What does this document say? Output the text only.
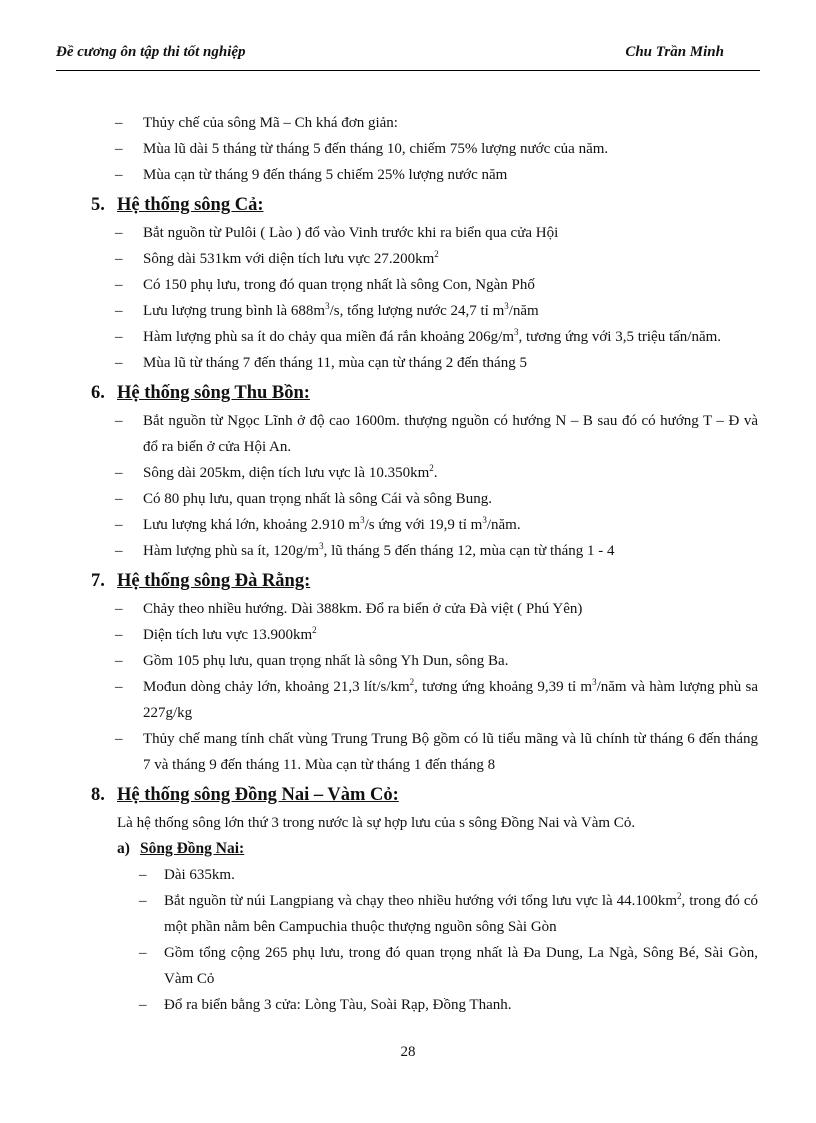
Đề cương ôn tập thi tốt nghiệp	Chu Trần Minh
– Thủy chế của sông Mã – Ch khá đơn giản:
– Mùa lũ dài 5 tháng từ tháng 5 đến tháng 10, chiếm 75% lượng nước của năm.
– Mùa cạn từ tháng 9 đến tháng 5 chiếm 25% lượng nước năm
5. Hệ thống sông Cả:
– Bắt nguồn từ Pulôi ( Lào ) đổ vào Vinh trước khi ra biển qua cửa Hội
– Sông dài 531km với diện tích lưu vực $27.200km^2$
– Có 150 phụ lưu, trong đó quan trọng nhất là sông Con, Ngàn Phố
– Lưu lượng trung bình là $688m^3/s$, tổng lượng nước 24,7 tỉ $m^3$/năm
– Hàm lượng phù sa ít do chảy qua miền đá rắn khoảng $206g/m^3$, tương ứng với 3,5 triệu tấn/năm.
– Mùa lũ từ tháng 7 đến tháng 11, mùa cạn từ tháng 2 đến tháng 5
6. Hệ thống sông Thu Bồn:
– Bắt nguồn từ Ngọc Lĩnh ở độ cao 1600m. thượng nguồn có hướng N – B sau đó có hướng T – Đ và đổ ra biển ở cửa Hội An.
– Sông dài 205km, diện tích lưu vực là $10.350km^2$.
– Có 80 phụ lưu, quan trọng nhất là sông Cái và sông Bung.
– Lưu lượng khá lớn, khoảng 2.910 $m^3/s$ ứng với 19,9 tỉ $m^3$/năm.
– Hàm lượng phù sa ít, $120g/m^3$, lũ tháng 5 đến tháng 12, mùa cạn từ tháng 1 - 4
7. Hệ thống sông Đà Rằng:
– Chảy theo nhiều hướng. Dài 388km. Đổ ra biển ở cửa Đà việt ( Phú Yên)
– Diện tích lưu vực $13.900km^2$
– Gồm 105 phụ lưu, quan trọng nhất là sông Yh Dun, sông Ba.
– Mođun dòng chảy lớn, khoảng 21,3 lít/$s/km^2$, tương ứng khoảng 9,39 tỉ $m^3$/năm và hàm lượng phù sa 227g/kg
– Thủy chế mang tính chất vùng Trung Trung Bộ gồm có lũ tiểu mãng và lũ chính từ tháng 6 đến tháng 7 và tháng 9 đến tháng 11. Mùa cạn từ tháng 1 đến tháng 8
8. Hệ thống sông Đồng Nai – Vàm Cỏ:
Là hệ thống sông lớn thứ 3 trong nước là sự hợp lưu của s sông Đồng Nai và Vàm Cỏ.
a) Sông Đồng Nai:
– Dài 635km.
– Bắt nguồn từ núi Langpiang và chạy theo nhiều hướng với tổng lưu vực là $44.100km^2$, trong đó có một phần nằm bên Campuchia thuộc thượng nguồn sông Sài Gòn
– Gồm tổng cộng 265 phụ lưu, trong đó quan trọng nhất là Đa Dung, La Ngà, Sông Bé, Sài Gòn, Vàm Cỏ
– Đổ ra biển bằng 3 cửa: Lòng Tàu, Soài Rạp, Đồng Thanh.
28
